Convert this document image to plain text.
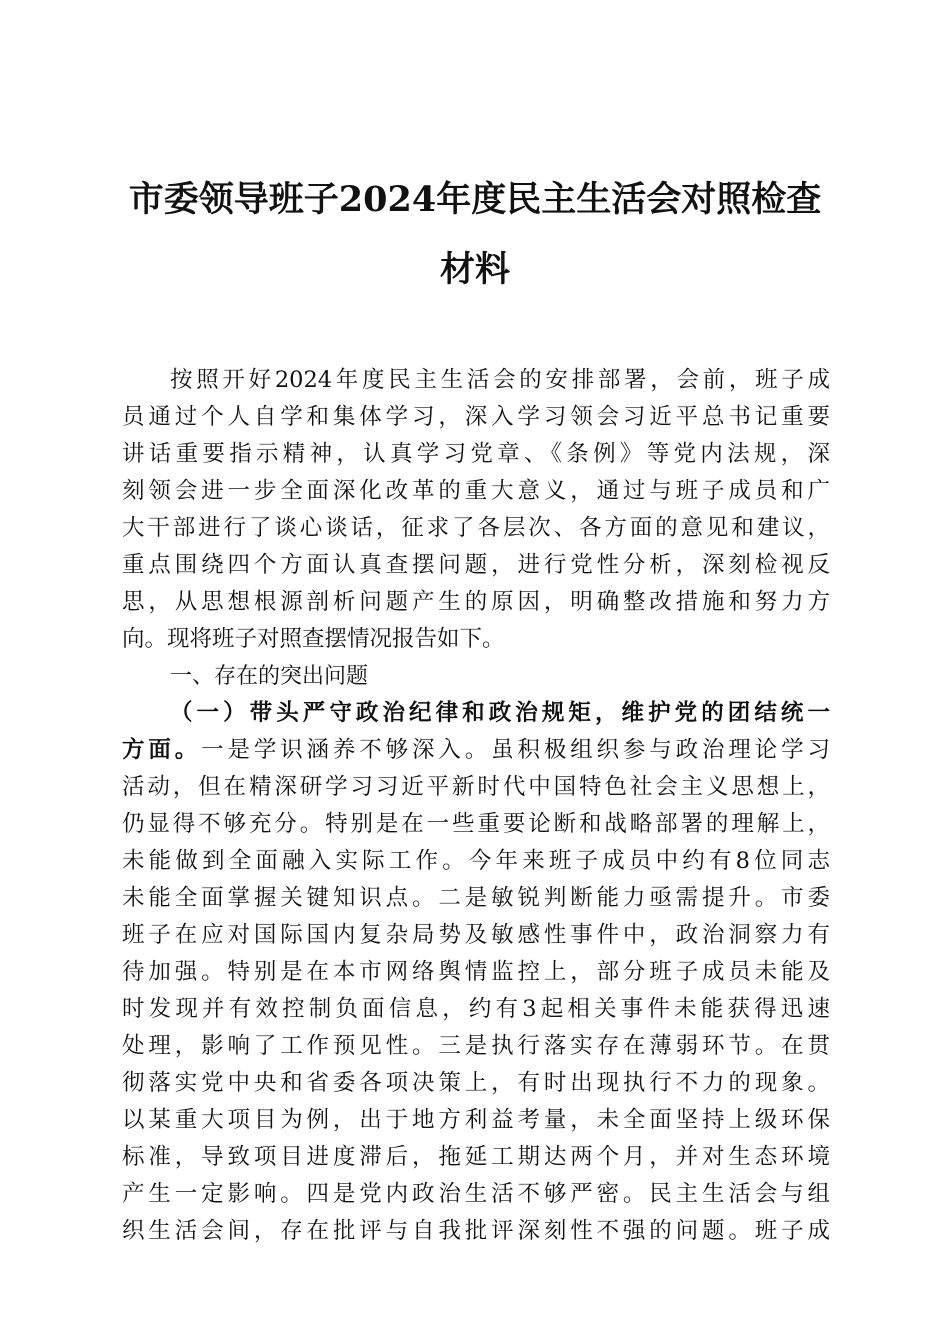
市委领导班子2024年度民主生活会对照检查
材料
按照开好2024年度民主生活会的安排部署，会前，班子成
员通过个人自学和集体学习，深入学习领会习近平总书记重要
讲话重要指示精神，认真学习党章、《条例》等党内法规，深
刻领会进一步全面深化改革的重大意义，通过与班子成员和广
大干部进行了谈心谈话，征求了各层次、各方面的意见和建议，
重点围绕四个方面认真查摆问题，进行党性分析，深刻检视反
思，从思想根源剖析问题产生的原因，明确整改措施和努力方
向。现将班子对照查摆情况报告如下。
一、存在的突出问题
（一）带头严守政治纪律和政治规矩，维护党的团结统一
方面。一是学识涵养不够深入。虽积极组织参与政治理论学习
活动，但在精深研学习习近平新时代中国特色社会主义思想上，
仍显得不够充分。特别是在一些重要论断和战略部署的理解上，
未能做到全面融入实际工作。今年来班子成员中约有8位同志
未能全面掌握关键知识点。二是敏锐判断能力亟需提升。市委
班子在应对国际国内复杂局势及敏感性事件中，政治洞察力有
待加强。特别是在本市网络舆情监控上，部分班子成员未能及
时发现并有效控制负面信息，约有3起相关事件未能获得迅速
处理，影响了工作预见性。三是执行落实存在薄弱环节。在贯
彻落实党中央和省委各项决策上，有时出现执行不力的现象。
以某重大项目为例，出于地方利益考量，未全面坚持上级环保
标准，导致项目进度滞后，拖延工期达两个月，并对生态环境
产生一定影响。四是党内政治生活不够严密。民主生活会与组
织生活会间，存在批评与自我批评深刻性不强的问题。班子成
